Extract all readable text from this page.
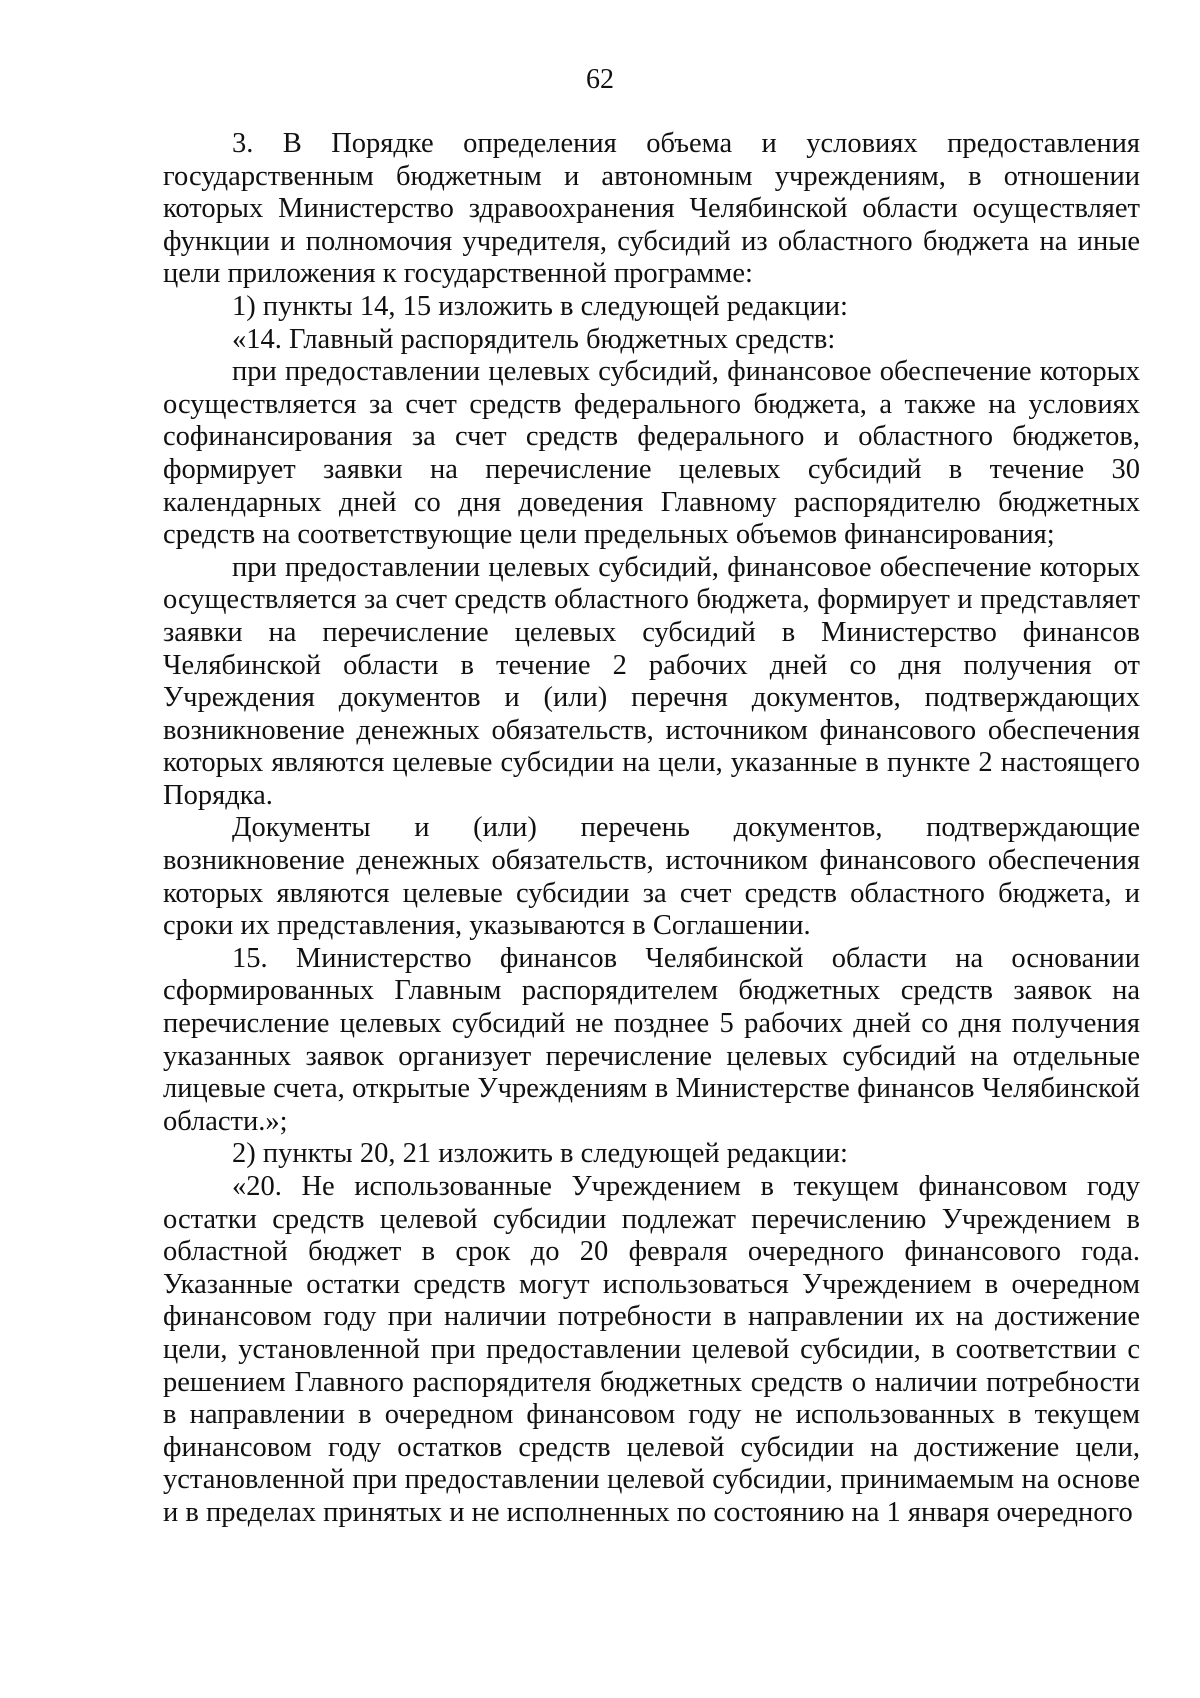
62

3. В Порядке определения объема и условиях предоставления государственным бюджетным и автономным учреждениям, в отношении которых Министерство здравоохранения Челябинской области осуществляет функции и полномочия учредителя, субсидий из областного бюджета на иные цели приложения к государственной программе:

1) пункты 14, 15 изложить в следующей редакции:

«14. Главный распорядитель бюджетных средств:

при предоставлении целевых субсидий, финансовое обеспечение которых осуществляется за счет средств федерального бюджета, а также на условиях софинансирования за счет средств федерального и областного бюджетов, формирует заявки на перечисление целевых субсидий в течение 30 календарных дней со дня доведения Главному распорядителю бюджетных средств на соответствующие цели предельных объемов финансирования;

при предоставлении целевых субсидий, финансовое обеспечение которых осуществляется за счет средств областного бюджета, формирует и представляет заявки на перечисление целевых субсидий в Министерство финансов Челябинской области в течение 2 рабочих дней со дня получения от Учреждения документов и (или) перечня документов, подтверждающих возникновение денежных обязательств, источником финансового обеспечения которых являются целевые субсидии на цели, указанные в пункте 2 настоящего Порядка.

Документы и (или) перечень документов, подтверждающие возникновение денежных обязательств, источником финансового обеспечения которых являются целевые субсидии за счет средств областного бюджета, и сроки их представления, указываются в Соглашении.

15. Министерство финансов Челябинской области на основании сформированных Главным распорядителем бюджетных средств заявок на перечисление целевых субсидий не позднее 5 рабочих дней со дня получения указанных заявок организует перечисление целевых субсидий на отдельные лицевые счета, открытые Учреждениям в Министерстве финансов Челябинской области.»;

2) пункты 20, 21 изложить в следующей редакции:

«20. Не использованные Учреждением в текущем финансовом году остатки средств целевой субсидии подлежат перечислению Учреждением в областной бюджет в срок до 20 февраля очередного финансового года. Указанные остатки средств могут использоваться Учреждением в очередном финансовом году при наличии потребности в направлении их на достижение цели, установленной при предоставлении целевой субсидии, в соответствии с решением Главного распорядителя бюджетных средств о наличии потребности в направлении в очередном финансовом году не использованных в текущем финансовом году остатков средств целевой субсидии на достижение цели, установленной при предоставлении целевой субсидии, принимаемым на основе и в пределах принятых и не исполненных по состоянию на 1 января очередного
